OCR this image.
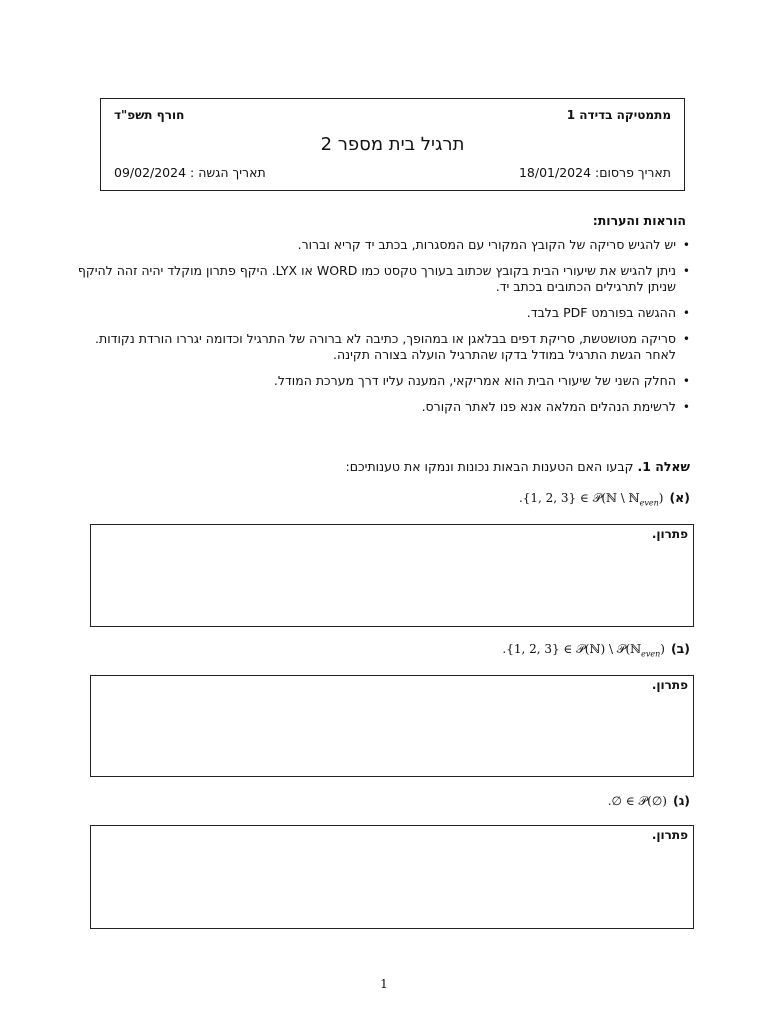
מתמטיקה בדידה 1
חורף תשפ"ד
תרגיל בית מספר 2
תאריך פרסום: 18/01/2024
תאריך הגשה : 09/02/2024
הוראות והערות:
•
יש להגיש סריקה של הקובץ המקורי עם המסגרות, בכתב יד קריא וברור.
•
ניתן להגיש את שיעורי הבית בקובץ שכתוב בעורך טקסט כמו WORD או LYX. היקף פתרון מוקלד יהיה זהה להיקף שניתן לתרגילים הכתובים בכתב יד.
•
ההגשה בפורמט PDF בלבד.
•
סריקה מטושטשת, סריקת דפים בבלאגן או במהופך, כתיבה לא ברורה של התרגיל וכדומה יגררו הורדת נקודות. לאחר הגשת התרגיל במודל בדקו שהתרגיל הועלה בצורה תקינה.
•
החלק השני של שיעורי הבית הוא אמריקאי, המענה עליו דרך מערכת המודל.
•
לרשימת הנהלים המלאה אנא פנו לאתר הקורס.
שאלה 1. קבעו האם הטענות הבאות נכונות ונמקו את טענותיכם:
(א).{1, 2, 3} ∈ 𝒫(ℕ \ ℕ$_{even}$)
פתרון.
(ב).{1, 2, 3} ∈ 𝒫(ℕ) \ 𝒫(ℕ$_{even}$)
פתרון.
(ג).∅ ∈ 𝒫(∅)
פתרון.
1
